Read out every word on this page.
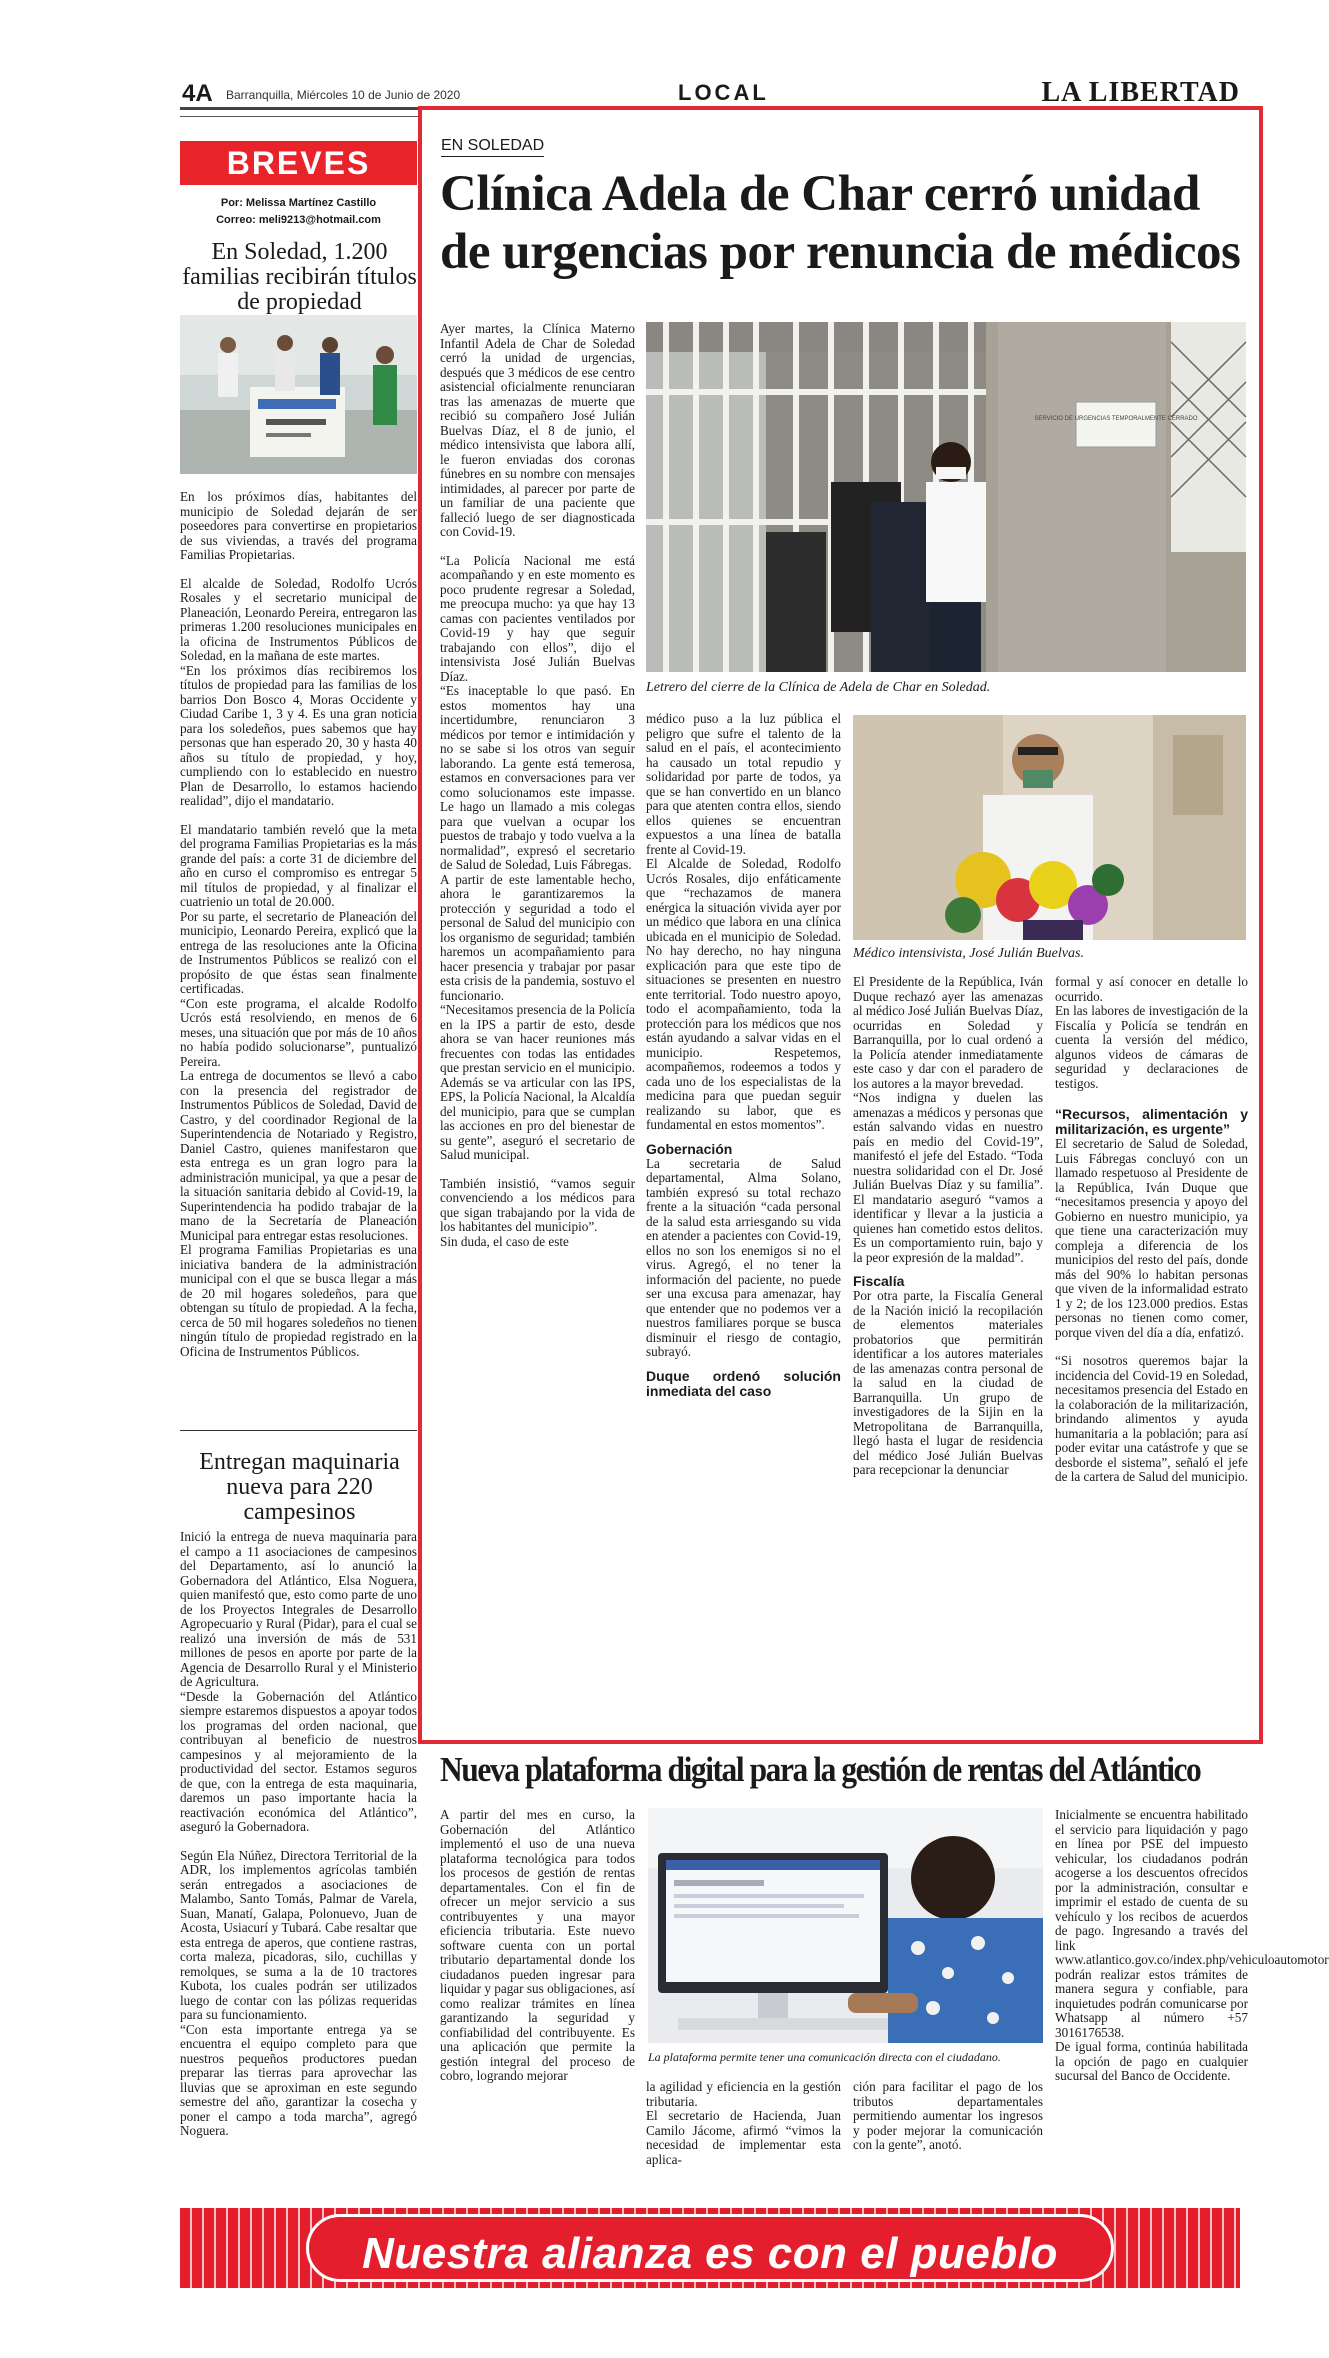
4A Barranquilla, Miércoles 10 de Junio de 2020	LOCAL	LA LIBERTAD
BREVES
Por: Melissa Martínez Castillo
Correo: meli9213@hotmail.com
En Soledad, 1.200 familias recibirán títulos de propiedad

En los próximos días, habitantes del municipio de Soledad dejarán de ser poseedores para convertirse en propietarios de sus viviendas, a través del programa Familias Propietarias.

El alcalde de Soledad, Rodolfo Ucrós Rosales y el secretario municipal de Planeación, Leonardo Pereira, entregaron las primeras 1.200 resoluciones municipales en la oficina de Instrumentos Públicos de Soledad, en la mañana de este martes.

“En los próximos días recibiremos los títulos de propiedad para las familias de los barrios Don Bosco 4, Moras Occidente y Ciudad Caribe 1, 3 y 4. Es una gran noticia para los soledeños, pues sabemos que hay personas que han esperado 20, 30 y hasta 40 años su título de propiedad, y hoy, cumpliendo con lo establecido en nuestro Plan de Desarrollo, lo estamos haciendo realidad”, dijo el mandatario.

El mandatario también reveló que la meta del programa Familias Propietarias es la más grande del país: a corte 31 de diciembre del año en curso el compromiso es entregar 5 mil títulos de propiedad, y al finalizar el cuatrienio un total de 20.000.

Por su parte, el secretario de Planeación del municipio, Leonardo Pereira, explicó que la entrega de las resoluciones ante la Oficina de Instrumentos Públicos se realizó con el propósito de que éstas sean finalmente certificadas.

“Con este programa, el alcalde Rodolfo Ucrós está resolviendo, en menos de 6 meses, una situación que por más de 10 años no había podido solucionarse”, puntualizó Pereira.

La entrega de documentos se llevó a cabo con la presencia del registrador de Instrumentos Públicos de Soledad, David de Castro, y del coordinador Regional de la Superintendencia de Notariado y Registro, Daniel Castro, quienes manifestaron que esta entrega es un gran logro para la administración municipal, ya que a pesar de la situación sanitaria debido al Covid-19, la Superintendencia ha podido trabajar de la mano de la Secretaría de Planeación Municipal para entregar estas resoluciones.

El programa Familias Propietarias es una iniciativa bandera de la administración municipal con el que se busca llegar a más de 20 mil hogares soledeños, para que obtengan su título de propiedad. A la fecha, cerca de 50 mil hogares soledeños no tienen ningún título de propiedad registrado en la Oficina de Instrumentos Públicos.

Entregan maquinaria nueva para 220 campesinos

Inició la entrega de nueva maquinaria para el campo a 11 asociaciones de campesinos del Departamento, así lo anunció la Gobernadora del Atlántico, Elsa Noguera, quien manifestó que, esto como parte de uno de los Proyectos Integrales de Desarrollo Agropecuario y Rural (Pidar), para el cual se realizó una inversión de más de 531 millones de pesos en aporte por parte de la Agencia de Desarrollo Rural y el Ministerio de Agricultura.

“Desde la Gobernación del Atlántico siempre estaremos dispuestos a apoyar todos los programas del orden nacional, que contribuyan al beneficio de nuestros campesinos y al mejoramiento de la productividad del sector. Estamos seguros de que, con la entrega de esta maquinaria, daremos un paso importante hacia la reactivación económica del Atlántico”, aseguró la Gobernadora.

Según Ela Núñez, Directora Territorial de la ADR, los implementos agrícolas también serán entregados a asociaciones de Malambo, Santo Tomás, Palmar de Varela, Suan, Manatí, Galapa, Polonuevo, Juan de Acosta, Usiacurí y Tubará. Cabe resaltar que esta entrega de aperos, que contiene rastras, corta maleza, picadoras, silo, cuchillas y remolques, se suma a la de 10 tractores Kubota, los cuales podrán ser utilizados luego de contar con las pólizas requeridas para su funcionamiento.

“Con esta importante entrega ya se encuentra el equipo completo para que nuestros pequeños productores puedan preparar las tierras para aprovechar las lluvias que se aproximan en este segundo semestre del año, garantizar la cosecha y poner el campo a toda marcha”, agregó Noguera.

EN SOLEDAD
Clínica Adela de Char cerró unidad de urgencias por renuncia de médicos
SERVICIO DE URGENCIAS TEMPORALMENTE CERRADO
Letrero del cierre de la Clínica de Adela de Char en Soledad.
Médico intensivista, José Julián Buelvas.

Ayer martes, la Clínica Materno Infantil Adela de Char de Soledad cerró la unidad de urgencias, después que 3 médicos de ese centro asistencial oficialmente renunciaran tras las amenazas de muerte que recibió su compañero José Julián Buelvas Díaz, el 8 de junio, el médico intensivista que labora allí, le fueron enviadas dos coronas fúnebres en su nombre con mensajes intimidades, al parecer por parte de un familiar de una paciente que falleció luego de ser diagnosticada con Covid-19.

“La Policía Nacional me está acompañando y en este momento es poco prudente regresar a Soledad, me preocupa mucho: ya que hay 13 camas con pacientes ventilados por Covid-19 y hay que seguir trabajando con ellos”, dijo el intensivista José Julián Buelvas Díaz.

“Es inaceptable lo que pasó. En estos momentos hay una incertidumbre, renunciaron 3 médicos por temor e intimidación y no se sabe si los otros van seguir laborando. La gente está temerosa, estamos en conversaciones para ver como solucionamos este impasse. Le hago un llamado a mis colegas para que vuelvan a ocupar los puestos de trabajo y todo vuelva a la normalidad”, expresó el secretario de Salud de Soledad, Luis Fábregas.

A partir de este lamentable hecho, ahora le garantizaremos la protección y seguridad a todo el personal de Salud del municipio con los organismo de seguridad; también haremos un acompañamiento para hacer presencia y trabajar por pasar esta crisis de la pandemia, sostuvo el funcionario.

“Necesitamos presencia de la Policía en la IPS a partir de esto, desde ahora se van hacer reuniones más frecuentes con todas las entidades que prestan servicio en el municipio. Además se va articular con las IPS, EPS, la Policía Nacional, la Alcaldía del municipio, para que se cumplan las acciones en pro del bienestar de su gente”, aseguró el secretario de Salud municipal.

También insistió, “vamos seguir convenciendo a los médicos para que sigan trabajando por la vida de los habitantes del municipio”.

Sin duda, el caso de este

médico puso a la luz pública el peligro que sufre el talento de la salud en el país, el acontecimiento ha causado un total repudio y solidaridad por parte de todos, ya que se han convertido en un blanco para que atenten contra ellos, siendo ellos quienes se encuentran expuestos a una línea de batalla frente al Covid-19.

El Alcalde de Soledad, Rodolfo Ucrós Rosales, dijo enfáticamente que “rechazamos de manera enérgica la situación vivida ayer por un médico que labora en una clínica ubicada en el municipio de Soledad. No hay derecho, no hay ninguna explicación para que este tipo de situaciones se presenten en nuestro ente territorial. Todo nuestro apoyo, todo el acompañamiento, toda la protección para los médicos que nos están ayudando a salvar vidas en el municipio. Respetemos, acompañemos, rodeemos a todos y cada uno de los especialistas de la medicina para que puedan seguir realizando su labor, que es fundamental en estos momentos”.

Gobernación

La secretaria de Salud departamental, Alma Solano, también expresó su total rechazo frente a la situación “cada personal de la salud esta arriesgando su vida en atender a pacientes con Covid-19, ellos no son los enemigos si no el virus. Agregó, el no tener la información del paciente, no puede ser una excusa para amenazar, hay que entender que no podemos ver a nuestros familiares porque se busca disminuir el riesgo de contagio, subrayó.

Duque ordenó solución inmediata del caso

El Presidente de la República, Iván Duque rechazó ayer las amenazas al médico José Julián Buelvas Díaz, ocurridas en Soledad y Barranquilla, por lo cual ordenó a la Policía atender inmediatamente este caso y dar con el paradero de los autores a la mayor brevedad.

“Nos indigna y duelen las amenazas a médicos y personas que están salvando vidas en nuestro país en medio del Covid-19”, manifestó el jefe del Estado. “Toda nuestra solidaridad con el Dr. José Julián Buelvas Díaz y su familia”. El mandatario aseguró “vamos a identificar y llevar a la justicia a quienes han cometido estos delitos. Es un comportamiento ruin, bajo y la peor expresión de la maldad”.

Fiscalía

Por otra parte, la Fiscalía General de la Nación inició la recopilación de elementos materiales probatorios que permitirán identificar a los autores materiales de las amenazas contra personal de la salud en la ciudad de Barranquilla. Un grupo de investigadores de la Sijin en la Metropolitana de Barranquilla, llegó hasta el lugar de residencia del médico José Julián Buelvas para recepcionar la denunciar

formal y así conocer en detalle lo ocurrido.

En las labores de investigación de la Fiscalía y Policía se tendrán en cuenta la versión del médico, algunos videos de cámaras de seguridad y declaraciones de testigos.

“Recursos, alimentación y militarización, es urgente”

El secretario de Salud de Soledad, Luis Fábregas concluyó con un llamado respetuoso al Presidente de la República, Iván Duque que “necesitamos presencia y apoyo del Gobierno en nuestro municipio, ya que tiene una caracterización muy compleja a diferencia de los municipios del resto del país, donde más del 90% lo habitan personas que viven de la informalidad estrato 1 y 2; de los 123.000 predios. Estas personas no tienen como comer, porque viven del día a día, enfatizó.

“Si nosotros queremos bajar la incidencia del Covid-19 en Soledad, necesitamos presencia del Estado en la colaboración de la militarización, brindando alimentos y ayuda humanitaria a la población; para así poder evitar una catástrofe y que se desborde el sistema”, señaló el jefe de la cartera de Salud del municipio.

Nueva plataforma digital para la gestión de rentas del Atlántico
La plataforma permite tener una comunicación directa con el ciudadano.

A partir del mes en curso, la Gobernación del Atlántico implementó el uso de una nueva plataforma tecnológica para todos los procesos de gestión de rentas departamentales. Con el fin de ofrecer un mejor servicio a sus contribuyentes y una mayor eficiencia tributaria. Este nuevo software cuenta con un portal tributario departamental donde los ciudadanos pueden ingresar para liquidar y pagar sus obligaciones, así como realizar trámites en línea garantizando la seguridad y confiabilidad del contribuyente. Es una aplicación que permite la gestión integral del proceso de cobro, logrando mejorar

la agilidad y eficiencia en la gestión tributaria.

El secretario de Hacienda, Juan Camilo Jácome, afirmó “vimos la necesidad de implementar esta aplica-

ción para facilitar el pago de los tributos departamentales permitiendo aumentar los ingresos y poder mejorar la comunicación con la gente”, anotó.

Inicialmente se encuentra habilitado el servicio para liquidación y pago en línea por PSE del impuesto vehicular, los ciudadanos podrán acogerse a los descuentos ofrecidos por la administración, consultar e imprimir el estado de cuenta de su vehículo y los recibos de acuerdos de pago. Ingresando a través del link www.atlantico.gov.co/index.php/vehiculoautomotor podrán realizar estos trámites de manera segura y confiable, para inquietudes podrán comunicarse por Whatsapp al número +57 3016176538.

De igual forma, continúa habilitada la opción de pago en cualquier sucursal del Banco de Occidente.

Nuestra alianza es con el pueblo
